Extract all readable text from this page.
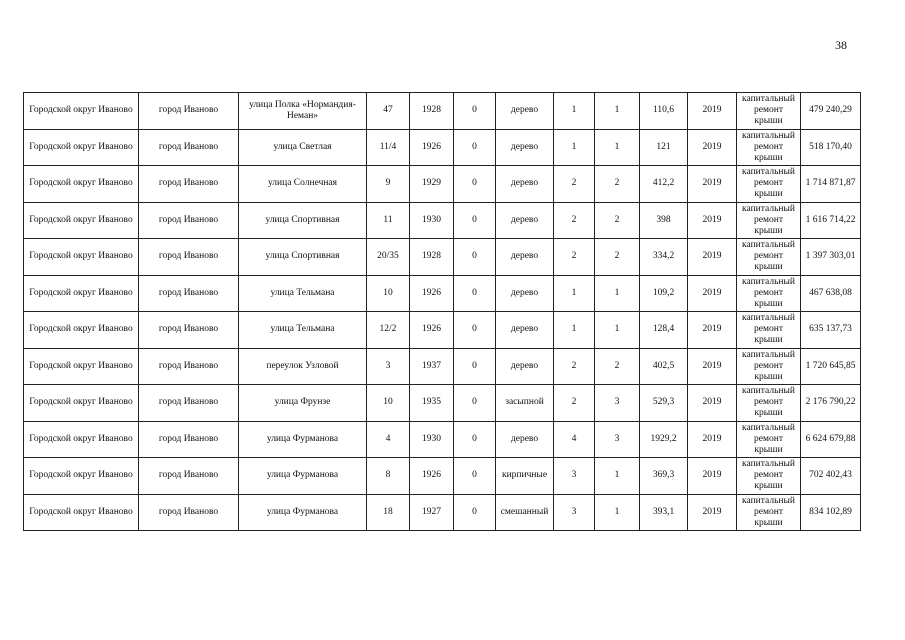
38
Городской округ Иваново	город Иваново	улица Полка «Нормандия-Неман»	47	1928	0	дерево	1	1	110,6	2019	капитальный ремонт крыши	479 240,29
Городской округ Иваново	город Иваново	улица Светлая	11/4	1926	0	дерево	1	1	121	2019	капитальный ремонт крыши	518 170,40
Городской округ Иваново	город Иваново	улица Солнечная	9	1929	0	дерево	2	2	412,2	2019	капитальный ремонт крыши	1 714 871,87
Городской округ Иваново	город Иваново	улица Спортивная	11	1930	0	дерево	2	2	398	2019	капитальный ремонт крыши	1 616 714,22
Городской округ Иваново	город Иваново	улица Спортивная	20/35	1928	0	дерево	2	2	334,2	2019	капитальный ремонт крыши	1 397 303,01
Городской округ Иваново	город Иваново	улица Тельмана	10	1926	0	дерево	1	1	109,2	2019	капитальный ремонт крыши	467 638,08
Городской округ Иваново	город Иваново	улица Тельмана	12/2	1926	0	дерево	1	1	128,4	2019	капитальный ремонт крыши	635 137,73
Городской округ Иваново	город Иваново	переулок Узловой	3	1937	0	дерево	2	2	402,5	2019	капитальный ремонт крыши	1 720 645,85
Городской округ Иваново	город Иваново	улица Фрунзе	10	1935	0	засыпной	2	3	529,3	2019	капитальный ремонт крыши	2 176 790,22
Городской округ Иваново	город Иваново	улица Фурманова	4	1930	0	дерево	4	3	1929,2	2019	капитальный ремонт крыши	6 624 679,88
Городской округ Иваново	город Иваново	улица Фурманова	8	1926	0	кирпичные	3	1	369,3	2019	капитальный ремонт крыши	702 402,43
Городской округ Иваново	город Иваново	улица Фурманова	18	1927	0	смешанный	3	1	393,1	2019	капитальный ремонт крыши	834 102,89
